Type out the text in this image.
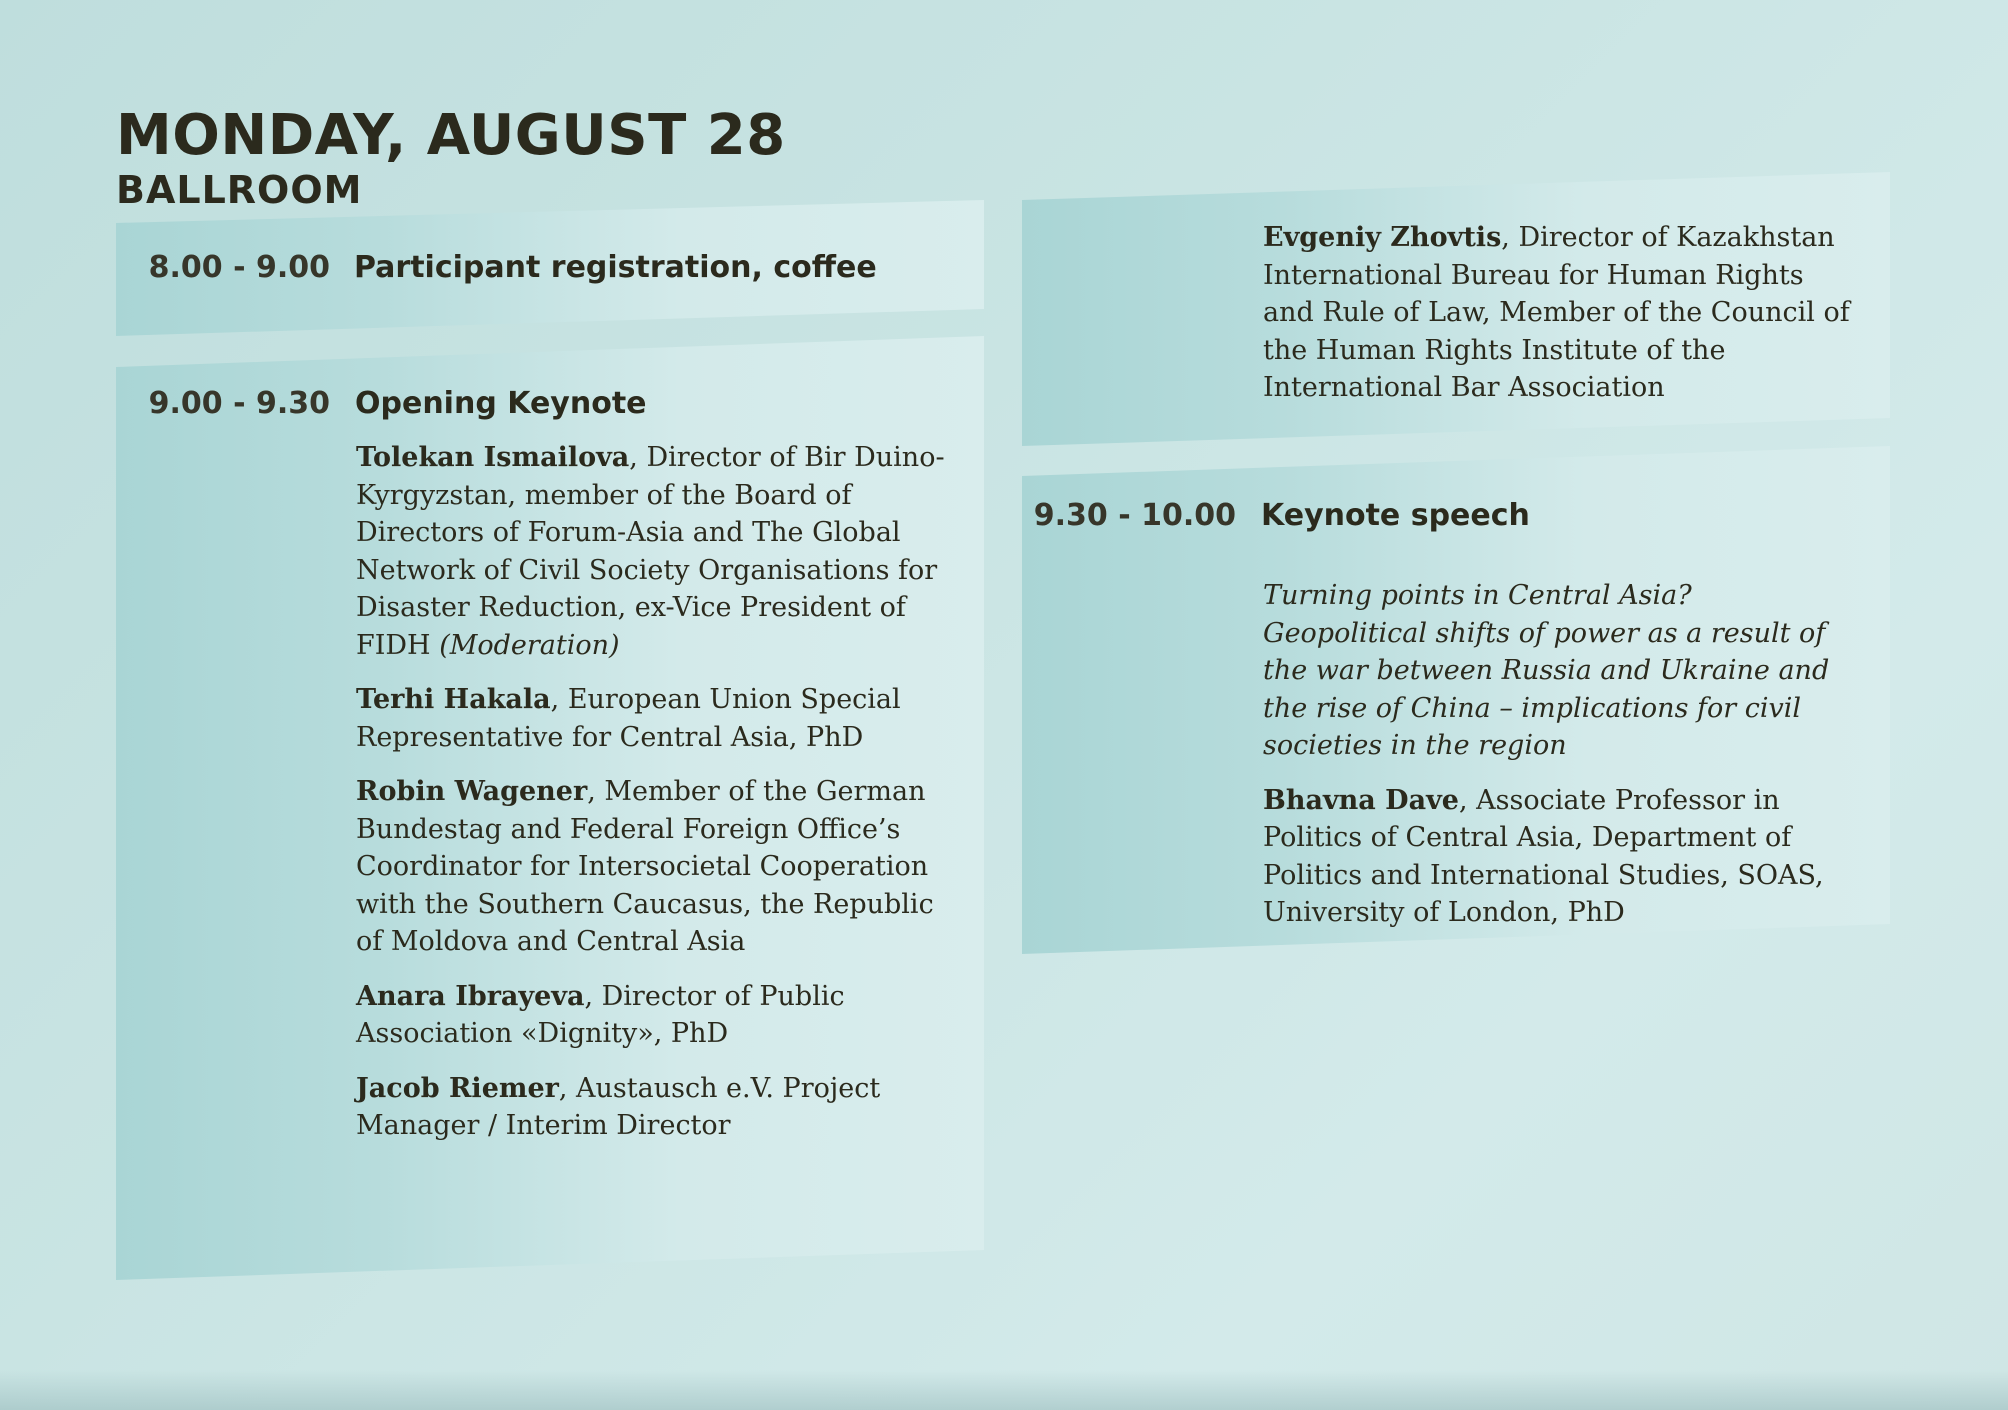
MONDAY, AUGUST 28
BALLROOM
8.00 - 9.00 Participant registration, coffee
9.00 - 9.30 Opening Keynote
Tolekan Ismailova, Director of Bir Duino-Kyrgyzstan, member of the Board of Directors of Forum-Asia and The Global Network of Civil Society Organisations for Disaster Reduction, ex-Vice President of FIDH (Moderation)
Terhi Hakala, European Union Special Representative for Central Asia, PhD
Robin Wagener, Member of the German Bundestag and Federal Foreign Office’s Coordinator for Intersocietal Cooperation with the Southern Caucasus, the Republic of Moldova and Central Asia
Anara Ibrayeva, Director of Public Association «Dignity», PhD
Jacob Riemer, Austausch e.V. Project Manager / Interim Director
Evgeniy Zhovtis, Director of Kazakhstan International Bureau for Human Rights and Rule of Law, Member of the Council of the Human Rights Institute of the International Bar Association
9.30 - 10.00 Keynote speech
Turning points in Central Asia? Geopolitical shifts of power as a result of the war between Russia and Ukraine and the rise of China – implications for civil societies in the region
Bhavna Dave, Associate Professor in Politics of Central Asia, Department of Politics and International Studies, SOAS, University of London, PhD
